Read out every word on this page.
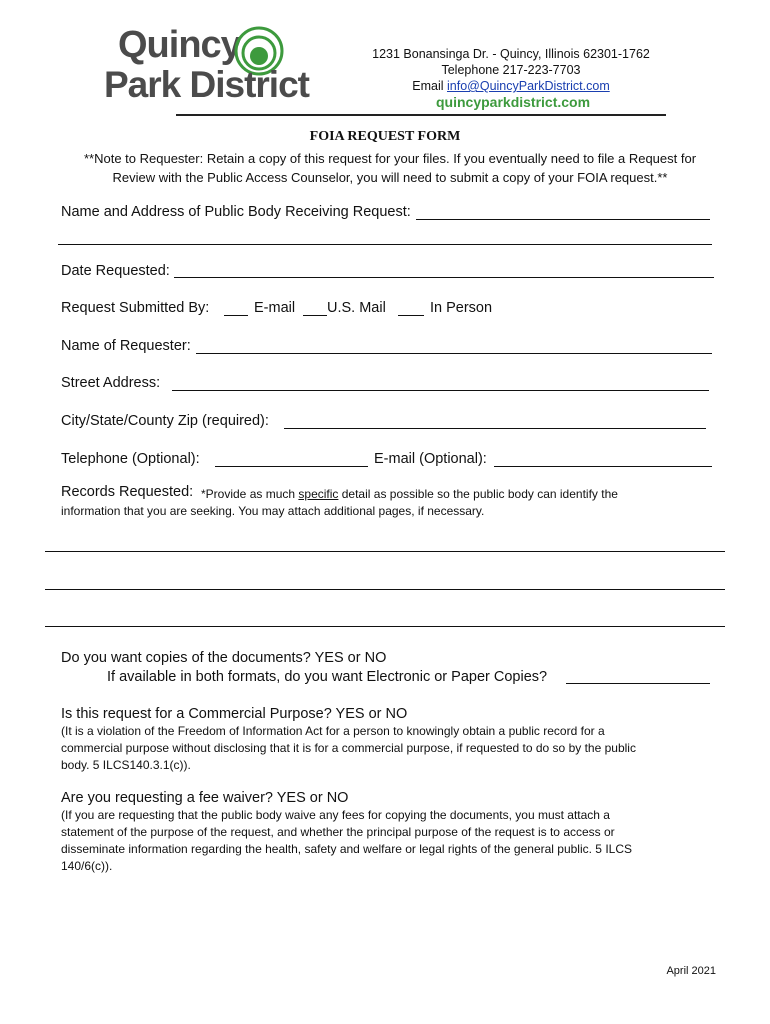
Quincy
Park District
1231 Bonansinga Dr. - Quincy, Illinois 62301-1762
Telephone 217-223-7703
Email info@QuincyParkDistrict.com
quincyparkdistrict.com
FOIA REQUEST FORM
**Note to Requester: Retain a copy of this request for your files. If you eventually need to file a Request for
Review with the Public Access Counselor, you will need to submit a copy of your FOIA request.**
Name and Address of Public Body Receiving Request:
Date Requested:
Request Submitted By:	E-mail U.S. Mail	In Person
Name of Requester:
Street Address:
City/State/County Zip (required):
Telephone (Optional):	E-mail (Optional):
Records Requested: *Provide as much specific detail as possible so the public body can identify the
information that you are seeking. You may attach additional pages, if necessary.
Do you want copies of the documents? YES or NO
If available in both formats, do you want Electronic or Paper Copies?
Is this request for a Commercial Purpose? YES or NO
(It is a violation of the Freedom of Information Act for a person to knowingly obtain a public record for a
commercial purpose without disclosing that it is for a commercial purpose, if requested to do so by the public
body. 5 ILCS140.3.1(c)).
Are you requesting a fee waiver? YES or NO
(If you are requesting that the public body waive any fees for copying the documents, you must attach a
statement of the purpose of the request, and whether the principal purpose of the request is to access or
disseminate information regarding the health, safety and welfare or legal rights of the general public. 5 ILCS
140/6(c)).
April 2021
